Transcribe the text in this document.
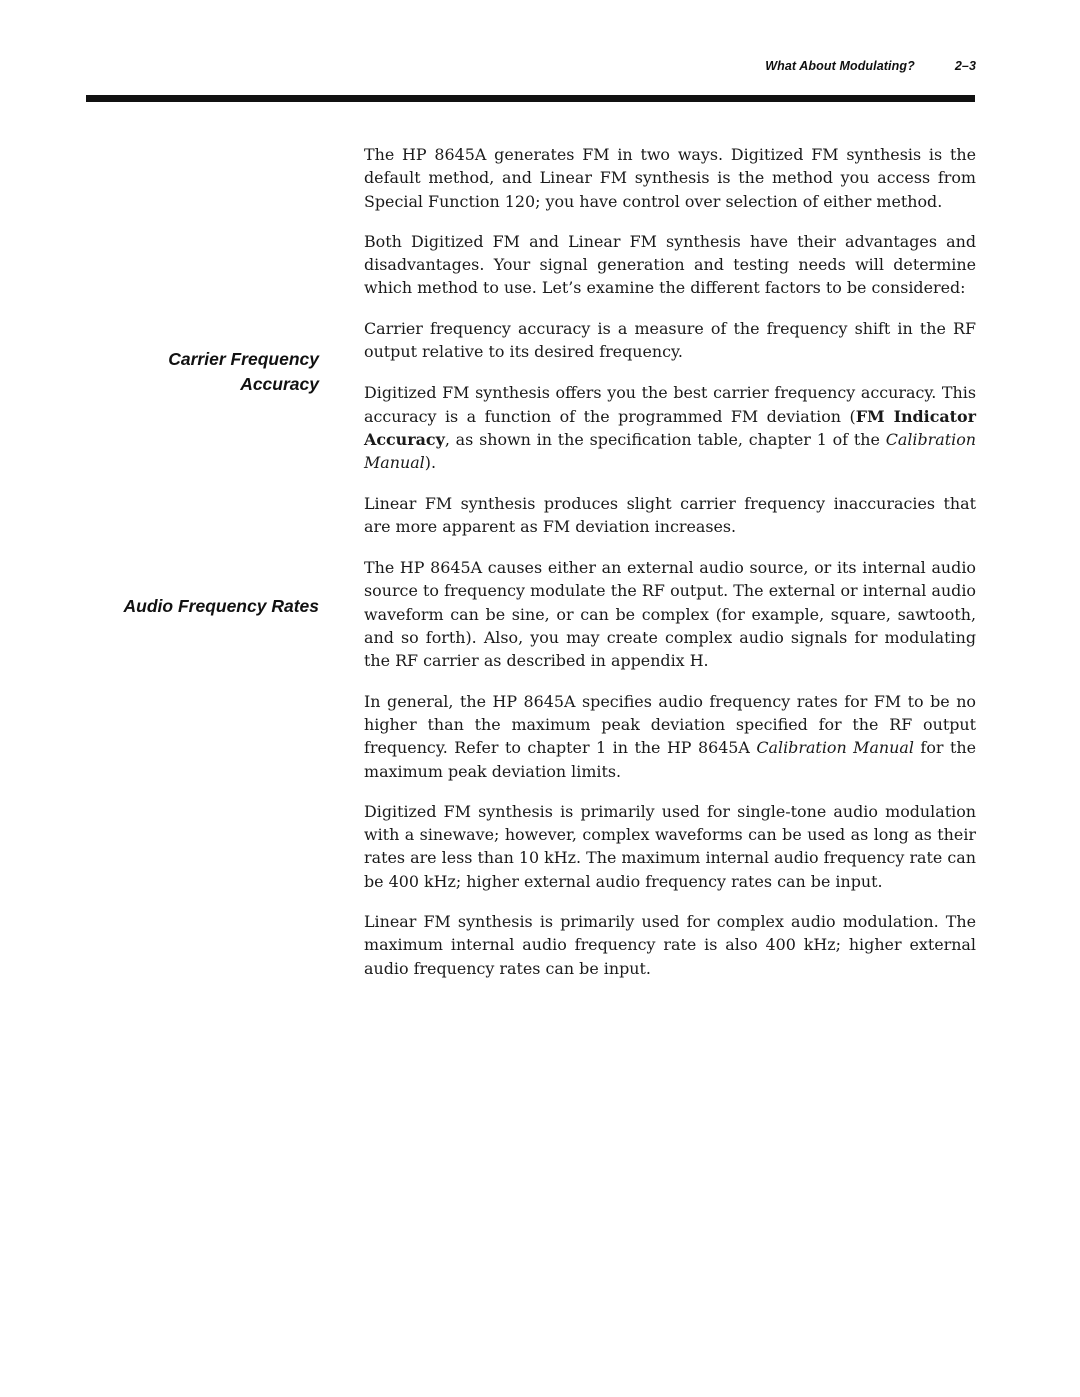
What About Modulating?	2–3
Carrier Frequency
Accuracy
Audio Frequency Rates

The HP 8645A generates FM in two ways. Digitized FM synthesis is the default method, and Linear FM synthesis is the method you access from Special Function 120; you have control over selection of either method.

Both Digitized FM and Linear FM synthesis have their advantages and disadvantages. Your signal generation and testing needs will determine which method to use. Let’s examine the different factors to be considered:

Carrier frequency accuracy is a measure of the frequency shift in the RF output relative to its desired frequency.

Digitized FM synthesis offers you the best carrier frequency accuracy. This accuracy is a function of the programmed FM deviation (FM Indicator Accuracy, as shown in the specification table, chapter 1 of the Calibration Manual).

Linear FM synthesis produces slight carrier frequency inaccuracies that are more apparent as FM deviation increases.

The HP 8645A causes either an external audio source, or its internal audio source to frequency modulate the RF output. The external or internal audio waveform can be sine, or can be complex (for example, square, sawtooth, and so forth). Also, you may create complex audio signals for modulating the RF carrier as described in appendix H.

In general, the HP 8645A specifies audio frequency rates for FM to be no higher than the maximum peak deviation specified for the RF output frequency. Refer to chapter 1 in the HP 8645A Calibration Manual for the maximum peak deviation limits.

Digitized FM synthesis is primarily used for single-tone audio modulation with a sinewave; however, complex waveforms can be used as long as their rates are less than 10 kHz. The maximum internal audio frequency rate can be 400 kHz; higher external audio frequency rates can be input.

Linear FM synthesis is primarily used for complex audio modulation. The maximum internal audio frequency rate is also 400 kHz; higher external audio frequency rates can be input.
